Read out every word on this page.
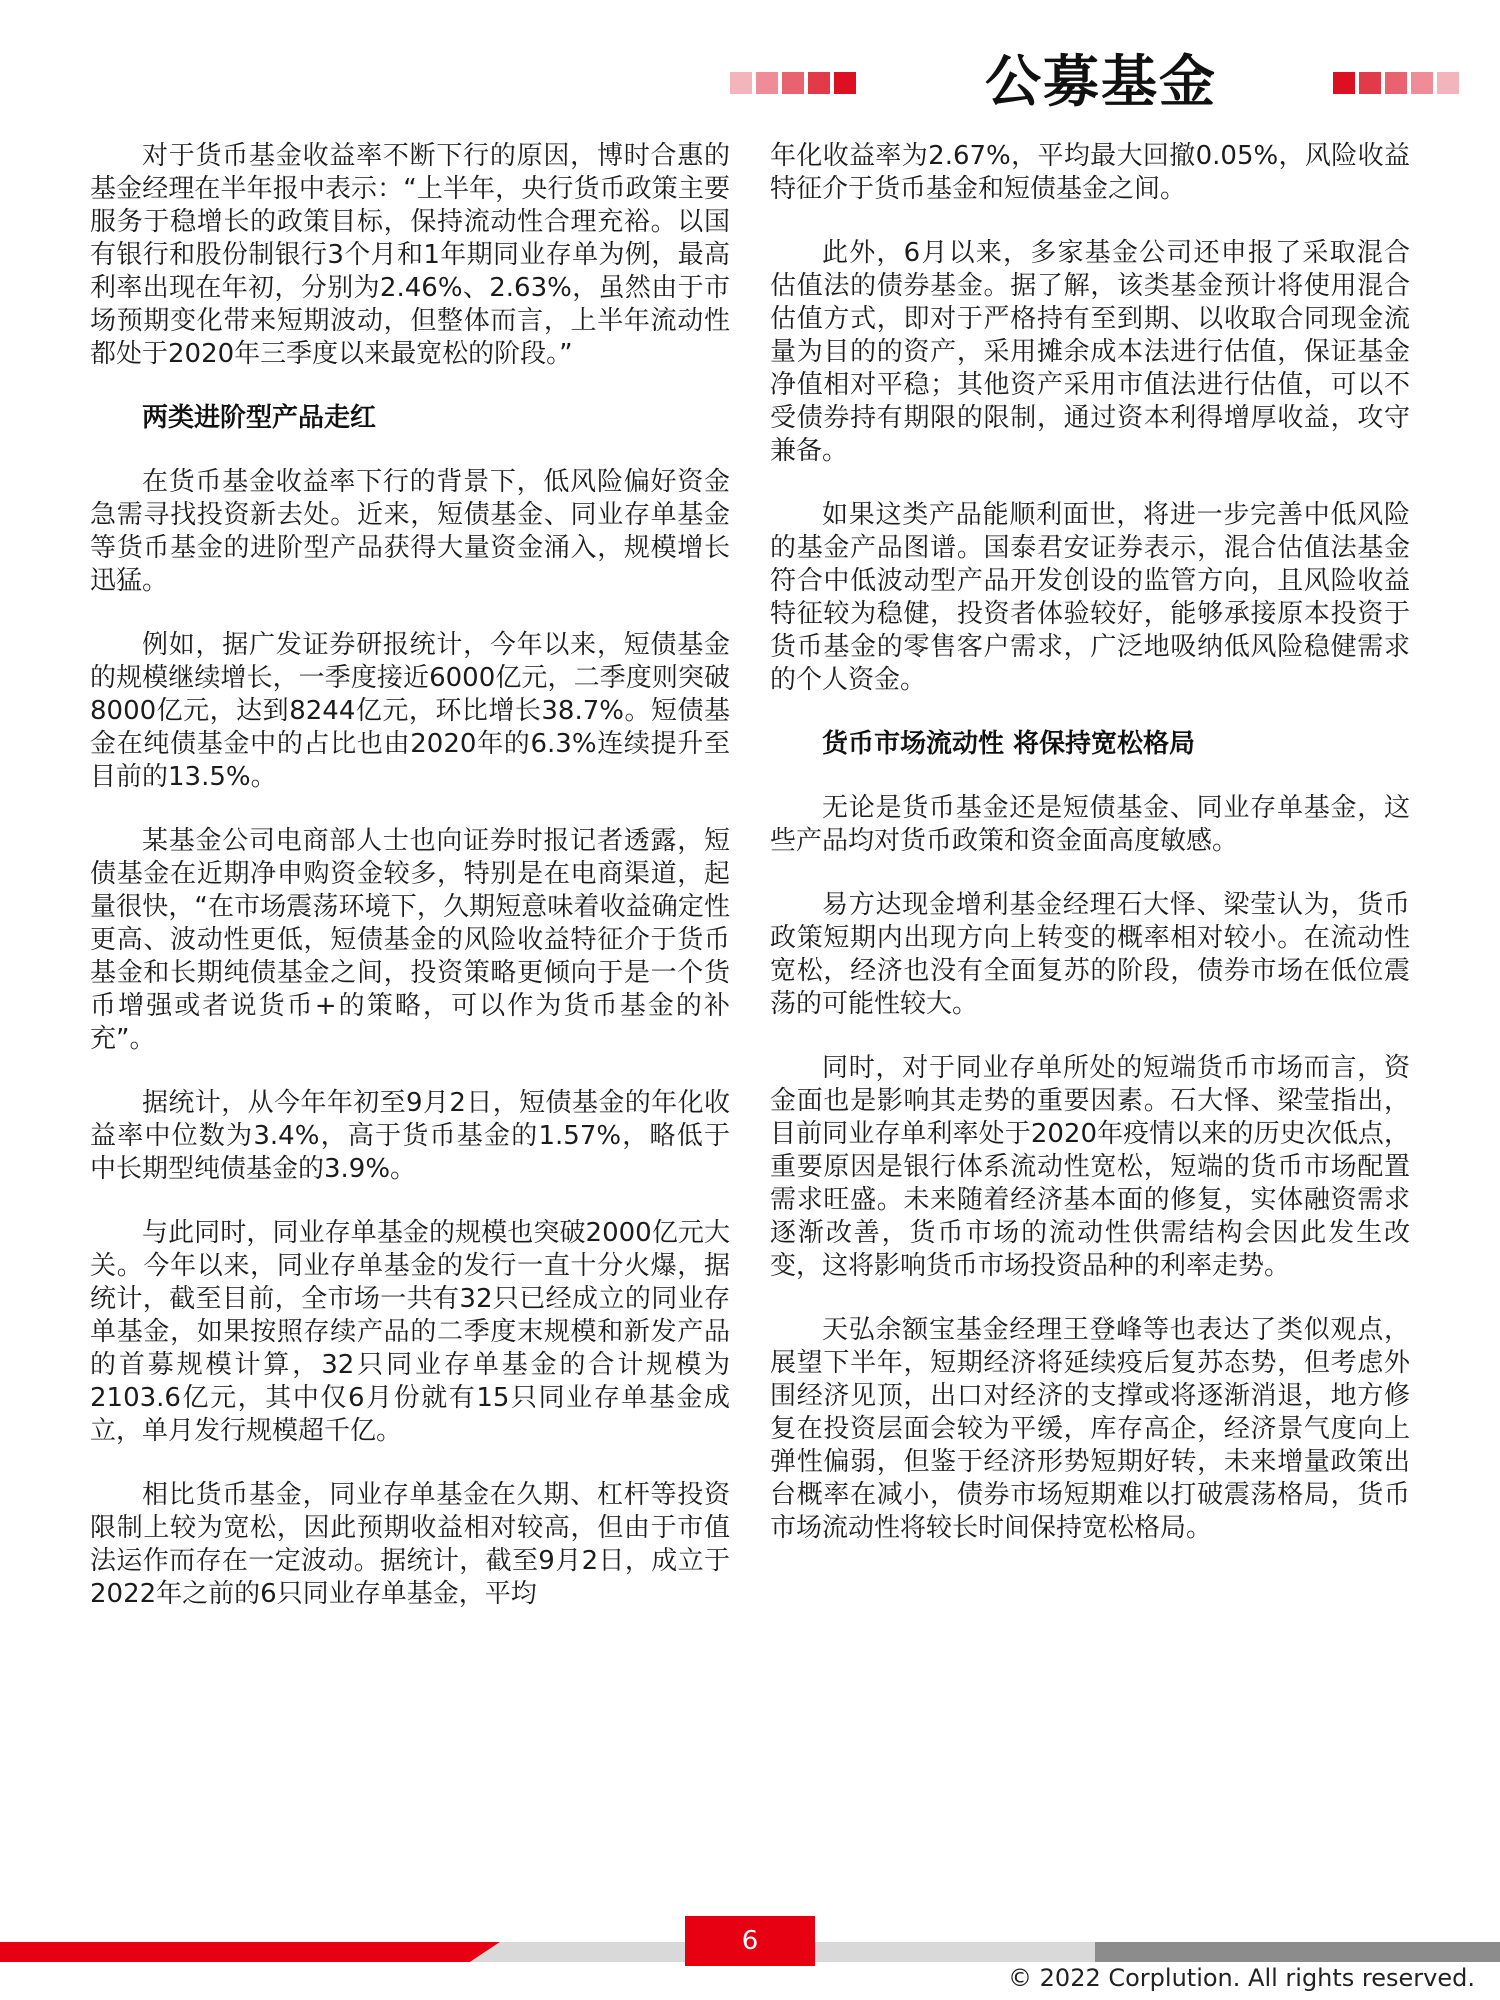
公募基金

对于货币基金收益率不断下行的原因，博时合惠的基金经理在半年报中表示：“上半年，央行货币政策主要服务于稳增长的政策目标，保持流动性合理充裕。以国有银行和股份制银行3个月和1年期同业存单为例，最高利率出现在年初，分别为2.46%、2.63%，虽然由于市场预期变化带来短期波动，但整体而言，上半年流动性都处于2020年三季度以来最宽松的阶段。”

两类进阶型产品走红

在货币基金收益率下行的背景下，低风险偏好资金急需寻找投资新去处。近来，短债基金、同业存单基金等货币基金的进阶型产品获得大量资金涌入，规模增长迅猛。

例如，据广发证券研报统计，今年以来，短债基金的规模继续增长，一季度接近6000亿元，二季度则突破8000亿元，达到8244亿元，环比增长38.7%。短债基金在纯债基金中的占比也由2020年的6.3%连续提升至目前的13.5%。

某基金公司电商部人士也向证券时报记者透露，短债基金在近期净申购资金较多，特别是在电商渠道，起量很快，“在市场震荡环境下，久期短意味着收益确定性更高、波动性更低，短债基金的风险收益特征介于货币基金和长期纯债基金之间，投资策略更倾向于是一个货币增强或者说货币+的策略，可以作为货币基金的补充”。

据统计，从今年年初至9月2日，短债基金的年化收益率中位数为3.4%，高于货币基金的1.57%，略低于中长期型纯债基金的3.9%。

与此同时，同业存单基金的规模也突破2000亿元大关。今年以来，同业存单基金的发行一直十分火爆，据统计，截至目前，全市场一共有32只已经成立的同业存单基金，如果按照存续产品的二季度末规模和新发产品的首募规模计算，32只同业存单基金的合计规模为2103.6亿元，其中仅6月份就有15只同业存单基金成立，单月发行规模超千亿。

相比货币基金，同业存单基金在久期、杠杆等投资限制上较为宽松，因此预期收益相对较高，但由于市值法运作而存在一定波动。据统计，截至9月2日，成立于2022年之前的6只同业存单基金，平均

年化收益率为2.67%，平均最大回撤0.05%，风险收益特征介于货币基金和短债基金之间。

此外，6月以来，多家基金公司还申报了采取混合估值法的债券基金。据了解，该类基金预计将使用混合估值方式，即对于严格持有至到期、以收取合同现金流量为目的的资产，采用摊余成本法进行估值，保证基金净值相对平稳；其他资产采用市值法进行估值，可以不受债券持有期限的限制，通过资本利得增厚收益，攻守兼备。

如果这类产品能顺利面世，将进一步完善中低风险的基金产品图谱。国泰君安证券表示，混合估值法基金符合中低波动型产品开发创设的监管方向，且风险收益特征较为稳健，投资者体验较好，能够承接原本投资于货币基金的零售客户需求，广泛地吸纳低风险稳健需求的个人资金。

货币市场流动性 将保持宽松格局

无论是货币基金还是短债基金、同业存单基金，这些产品均对货币政策和资金面高度敏感。

易方达现金增利基金经理石大怿、梁莹认为，货币政策短期内出现方向上转变的概率相对较小。在流动性宽松，经济也没有全面复苏的阶段，债券市场在低位震荡的可能性较大。

同时，对于同业存单所处的短端货币市场而言，资金面也是影响其走势的重要因素。石大怿、梁莹指出，目前同业存单利率处于2020年疫情以来的历史次低点，重要原因是银行体系流动性宽松，短端的货币市场配置需求旺盛。未来随着经济基本面的修复，实体融资需求逐渐改善，货币市场的流动性供需结构会因此发生改变，这将影响货币市场投资品种的利率走势。

天弘余额宝基金经理王登峰等也表达了类似观点，展望下半年，短期经济将延续疫后复苏态势，但考虑外围经济见顶，出口对经济的支撑或将逐渐消退，地方修复在投资层面会较为平缓，库存高企，经济景气度向上弹性偏弱，但鉴于经济形势短期好转，未来增量政策出台概率在减小，债券市场短期难以打破震荡格局，货币市场流动性将较长时间保持宽松格局。

6
© 2022 Corplution. All rights reserved.
